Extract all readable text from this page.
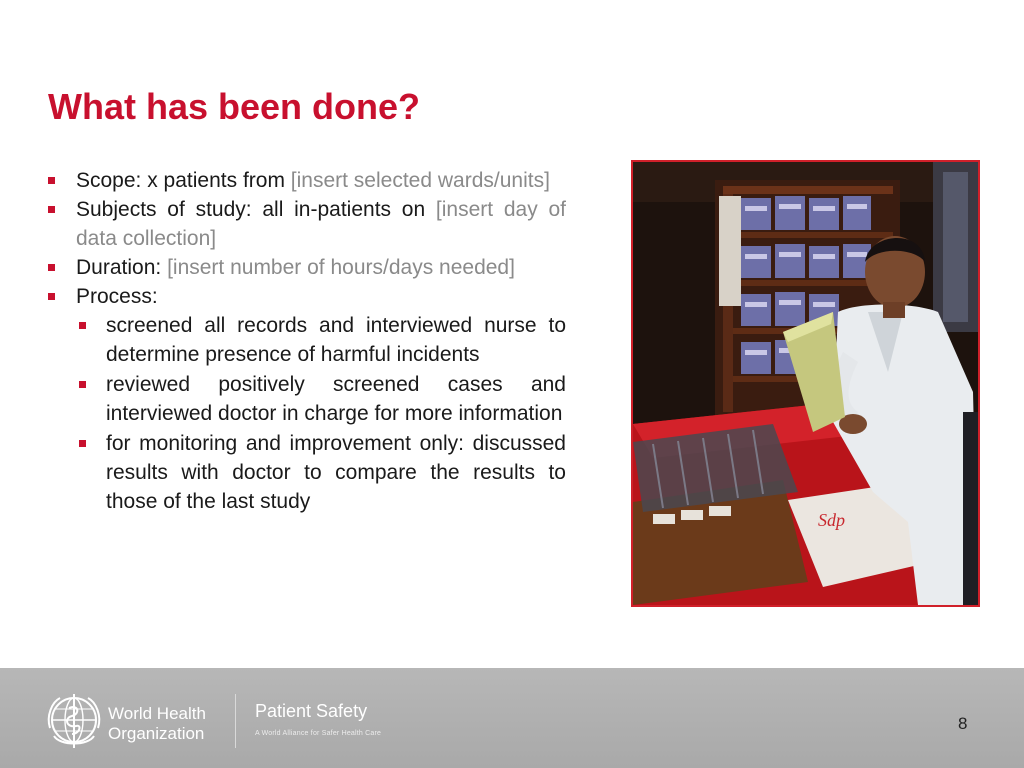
What has been done?
Scope: x patients from [insert selected wards/units]
Subjects of study: all in-patients on [insert day of data collection]
Duration: [insert number of hours/days needed]
Process:
screened all records and interviewed nurse to determine presence of harmful incidents
reviewed positively screened cases and interviewed doctor in charge for more information
for monitoring and improvement only: discussed results with doctor to compare the results to those of the last study
Sdp
World Health
Organization
Patient Safety
A World Alliance for Safer Health Care
8
